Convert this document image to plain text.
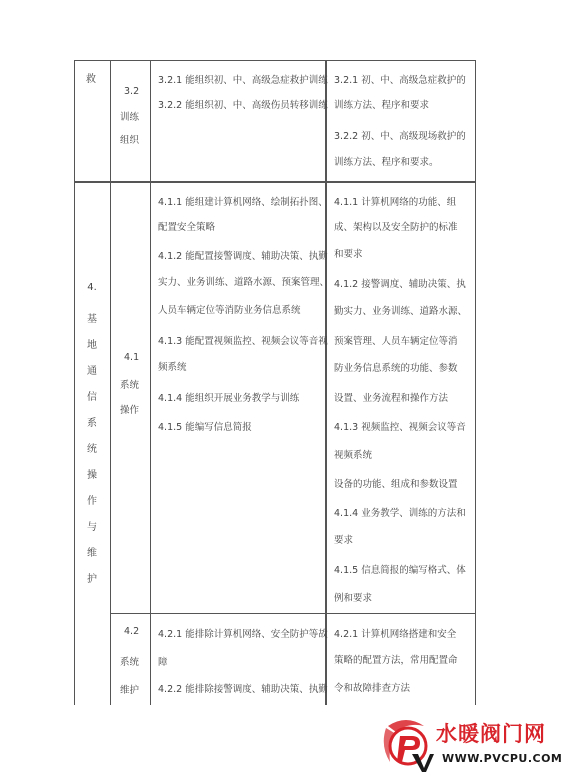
救
3.2
训练
组织
3.2.1 能组织初、中、高级急症救护训练
3.2.2 能组织初、中、高级伤员转移训练
3.2.1 初、中、高级急症救护的
训练方法、程序和要求
3.2.2 初、中、高级现场救护的
训练方法、程序和要求。
4.
基
地
通
信
系
统
操
作
与
维
护
4.1
系统
操作
4.1.1 能组建计算机网络、绘制拓扑图、
配置安全策略
4.1.2 能配置接警调度、辅助决策、执勤
实力、业务训练、道路水源、预案管理、
人员车辆定位等消防业务信息系统
4.1.3 能配置视频监控、视频会议等音视
频系统
4.1.4 能组织开展业务教学与训练
4.1.5 能编写信息简报
4.1.1 计算机网络的功能、组
成、架构以及安全防护的标准
和要求
4.1.2 接警调度、辅助决策、执
勤实力、业务训练、道路水源、
预案管理、人员车辆定位等消
防业务信息系统的功能、参数
设置、业务流程和操作方法
4.1.3 视频监控、视频会议等音
视频系统
设备的功能、组成和参数设置
4.1.4 业务教学、训练的方法和
要求
4.1.5 信息简报的编写格式、体
例和要求
4.2
系统
维护
4.2.1 能排除计算机网络、安全防护等故
障
4.2.2 能排除接警调度、辅助决策、执勤
4.2.1 计算机网络搭建和安全
策略的配置方法，常用配置命
令和故障排查方法
水暖阀门网
WWW.PVCPU.COM
